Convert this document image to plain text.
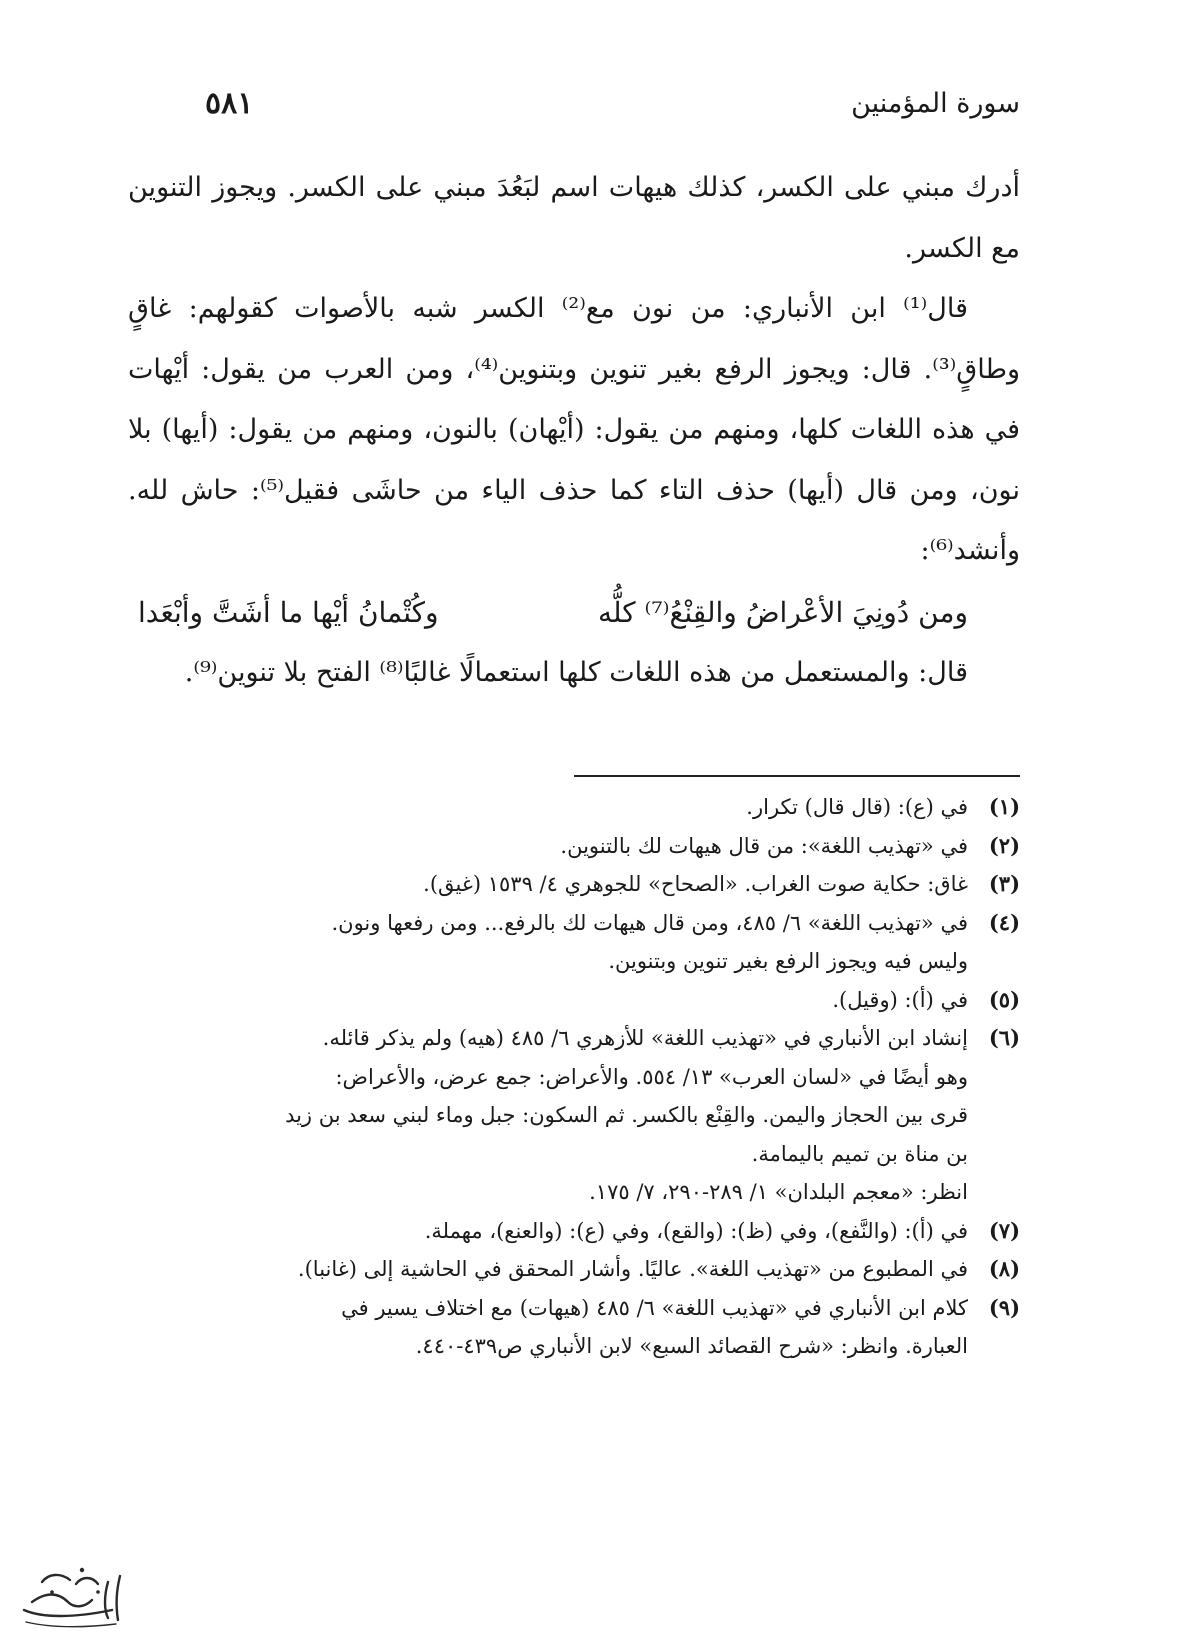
سورة المؤمنين
٥٨١

أدرك مبني على الكسر، كذلك هيهات اسم لبَعُدَ مبني على الكسر. ويجوز التنوين مع الكسر.

قال⁽¹⁾ ابن الأنباري: من نون مع⁽²⁾ الكسر شبه بالأصوات كقولهم: غاقٍ وطاقٍ⁽³⁾. قال: ويجوز الرفع بغير تنوين وبتنوين⁽⁴⁾، ومن العرب من يقول: أيْهات في هذه اللغات كلها، ومنهم من يقول: (أيْهان) بالنون، ومنهم من يقول: (أيها) بلا نون، ومن قال (أيها) حذف التاء كما حذف الياء من حاشَى فقيل⁽⁵⁾: حاش لله. وأنشد⁽⁶⁾:

ومن دُونِيَ الأعْراضُ والقِنْعُ⁽⁷⁾ كلُّه
وكُتْمانُ أيْها ما أشَتَّ وأبْعَدا

قال: والمستعمل من هذه اللغات كلها استعمالًا غالبًا⁽⁸⁾ الفتح بلا تنوين⁽⁹⁾.

(١)
في (ع): (قال قال) تكرار.
(٢)
في «تهذيب اللغة»: من قال هيهات لك بالتنوين.
(٣)
غاق: حكاية صوت الغراب. «الصحاح» للجوهري ٤/ ١٥٣٩ (غيق).
(٤)
في «تهذيب اللغة» ٦/ ٤٨٥، ومن قال هيهات لك بالرفع... ومن رفعها ونون.
وليس فيه ويجوز الرفع بغير تنوين وبتنوين.
(٥)
في (أ): (وقيل).
(٦)
إنشاد ابن الأنباري في «تهذيب اللغة» للأزهري ٦/ ٤٨٥ (هيه) ولم يذكر قائله.
وهو أيضًا في «لسان العرب» ١٣/ ٥٥٤. والأعراض: جمع عرض، والأعراض:
قرى بين الحجاز واليمن. والقِنْع بالكسر. ثم السكون: جبل وماء لبني سعد بن زيد
بن مناة بن تميم باليمامة.
انظر: «معجم البلدان» ١/ ٢٨٩-٢٩٠، ٧/ ١٧٥.
(٧)
في (أ): (والنَّفع)، وفي (ظ): (والقع)، وفي (ع): (والعنع)، مهملة.
(٨)
في المطبوع من «تهذيب اللغة». عاليًا. وأشار المحقق في الحاشية إلى (غانبا).
(٩)
كلام ابن الأنباري في «تهذيب اللغة» ٦/ ٤٨٥ (هيهات) مع اختلاف يسير في
العبارة. وانظر: «شرح القصائد السبع» لابن الأنباري ص٤٣٩-٤٤٠.
